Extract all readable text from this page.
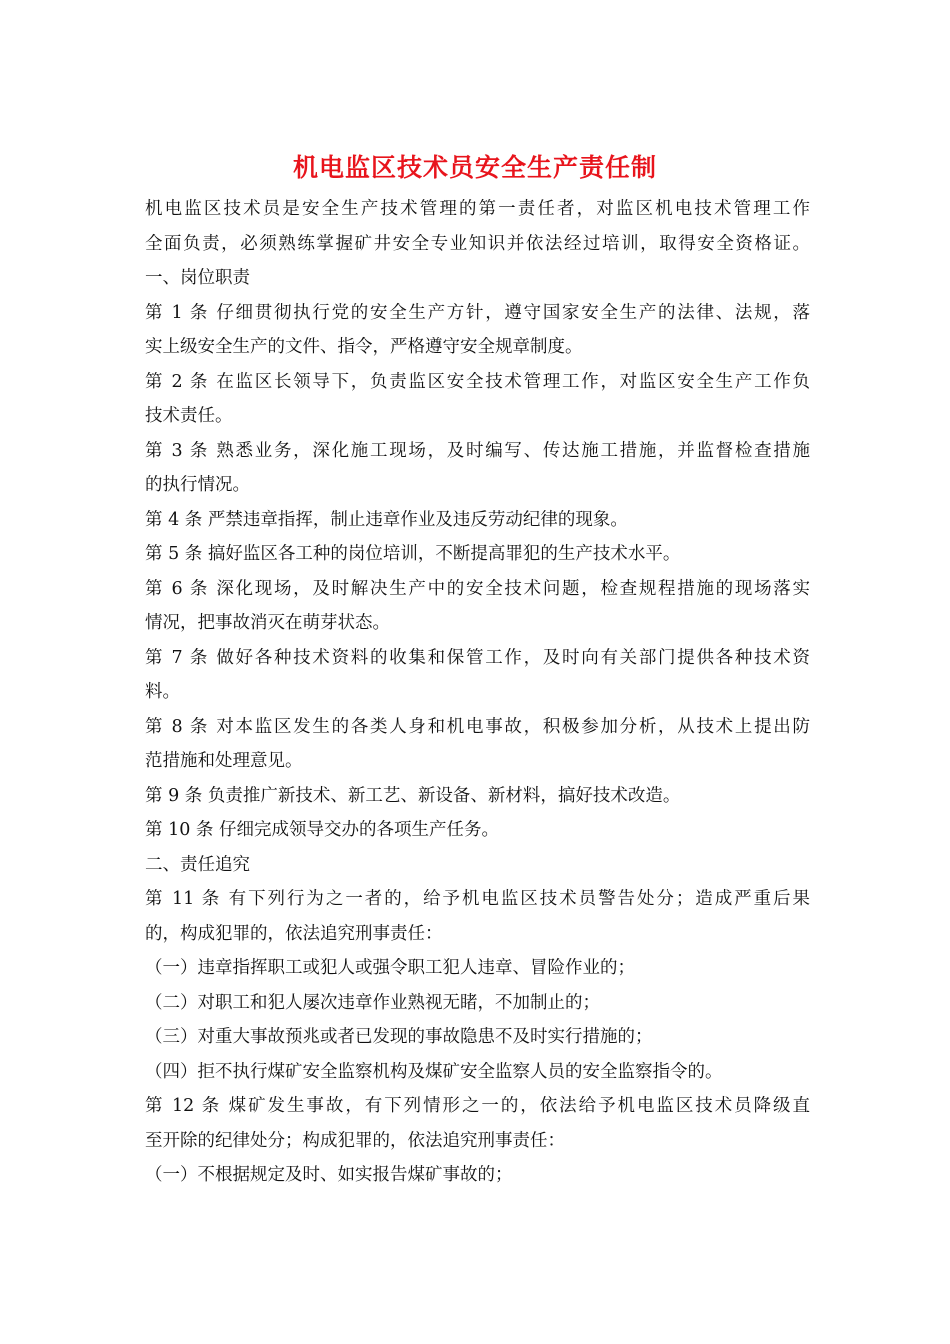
机电监区技术员安全生产责任制
机电监区技术员是安全生产技术管理的第一责任者，对监区机电技术管理工作
全面负责，必须熟练掌握矿井安全专业知识并依法经过培训，取得安全资格证。
一、岗位职责
第 1 条 仔细贯彻执行党的安全生产方针，遵守国家安全生产的法律、法规，落
实上级安全生产的文件、指令，严格遵守安全规章制度。
第 2 条 在监区长领导下，负责监区安全技术管理工作，对监区安全生产工作负
技术责任。
第 3 条 熟悉业务，深化施工现场，及时编写、传达施工措施，并监督检查措施
的执行情况。
第 4 条 严禁违章指挥，制止违章作业及违反劳动纪律的现象。
第 5 条 搞好监区各工种的岗位培训，不断提高罪犯的生产技术水平。
第 6 条 深化现场，及时解决生产中的安全技术问题，检查规程措施的现场落实
情况，把事故消灭在萌芽状态。
第 7 条 做好各种技术资料的收集和保管工作，及时向有关部门提供各种技术资
料。
第 8 条 对本监区发生的各类人身和机电事故，积极参加分析，从技术上提出防
范措施和处理意见。
第 9 条 负责推广新技术、新工艺、新设备、新材料，搞好技术改造。
第 10 条 仔细完成领导交办的各项生产任务。
二、责任追究
第 11 条 有下列行为之一者的，给予机电监区技术员警告处分；造成严重后果
的，构成犯罪的，依法追究刑事责任：
（一）违章指挥职工或犯人或强令职工犯人违章、冒险作业的；
（二）对职工和犯人屡次违章作业熟视无睹，不加制止的；
（三）对重大事故预兆或者已发现的事故隐患不及时实行措施的；
（四）拒不执行煤矿安全监察机构及煤矿安全监察人员的安全监察指令的。
第 12 条 煤矿发生事故，有下列情形之一的，依法给予机电监区技术员降级直
至开除的纪律处分；构成犯罪的，依法追究刑事责任：
（一）不根据规定及时、如实报告煤矿事故的；
